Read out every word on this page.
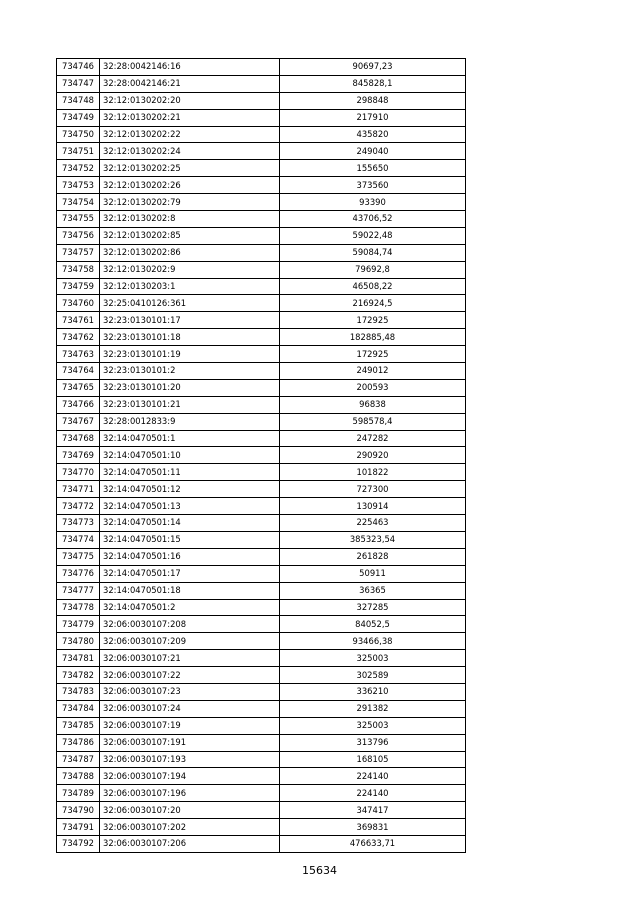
734746	32:28:0042146:16	90697,23
734747	32:28:0042146:21	845828,1
734748	32:12:0130202:20	298848
734749	32:12:0130202:21	217910
734750	32:12:0130202:22	435820
734751	32:12:0130202:24	249040
734752	32:12:0130202:25	155650
734753	32:12:0130202:26	373560
734754	32:12:0130202:79	93390
734755	32:12:0130202:8	43706,52
734756	32:12:0130202:85	59022,48
734757	32:12:0130202:86	59084,74
734758	32:12:0130202:9	79692,8
734759	32:12:0130203:1	46508,22
734760	32:25:0410126:361	216924,5
734761	32:23:0130101:17	172925
734762	32:23:0130101:18	182885,48
734763	32:23:0130101:19	172925
734764	32:23:0130101:2	249012
734765	32:23:0130101:20	200593
734766	32:23:0130101:21	96838
734767	32:28:0012833:9	598578,4
734768	32:14:0470501:1	247282
734769	32:14:0470501:10	290920
734770	32:14:0470501:11	101822
734771	32:14:0470501:12	727300
734772	32:14:0470501:13	130914
734773	32:14:0470501:14	225463
734774	32:14:0470501:15	385323,54
734775	32:14:0470501:16	261828
734776	32:14:0470501:17	50911
734777	32:14:0470501:18	36365
734778	32:14:0470501:2	327285
734779	32:06:0030107:208	84052,5
734780	32:06:0030107:209	93466,38
734781	32:06:0030107:21	325003
734782	32:06:0030107:22	302589
734783	32:06:0030107:23	336210
734784	32:06:0030107:24	291382
734785	32:06:0030107:19	325003
734786	32:06:0030107:191	313796
734787	32:06:0030107:193	168105
734788	32:06:0030107:194	224140
734789	32:06:0030107:196	224140
734790	32:06:0030107:20	347417
734791	32:06:0030107:202	369831
734792	32:06:0030107:206	476633,71
15634
